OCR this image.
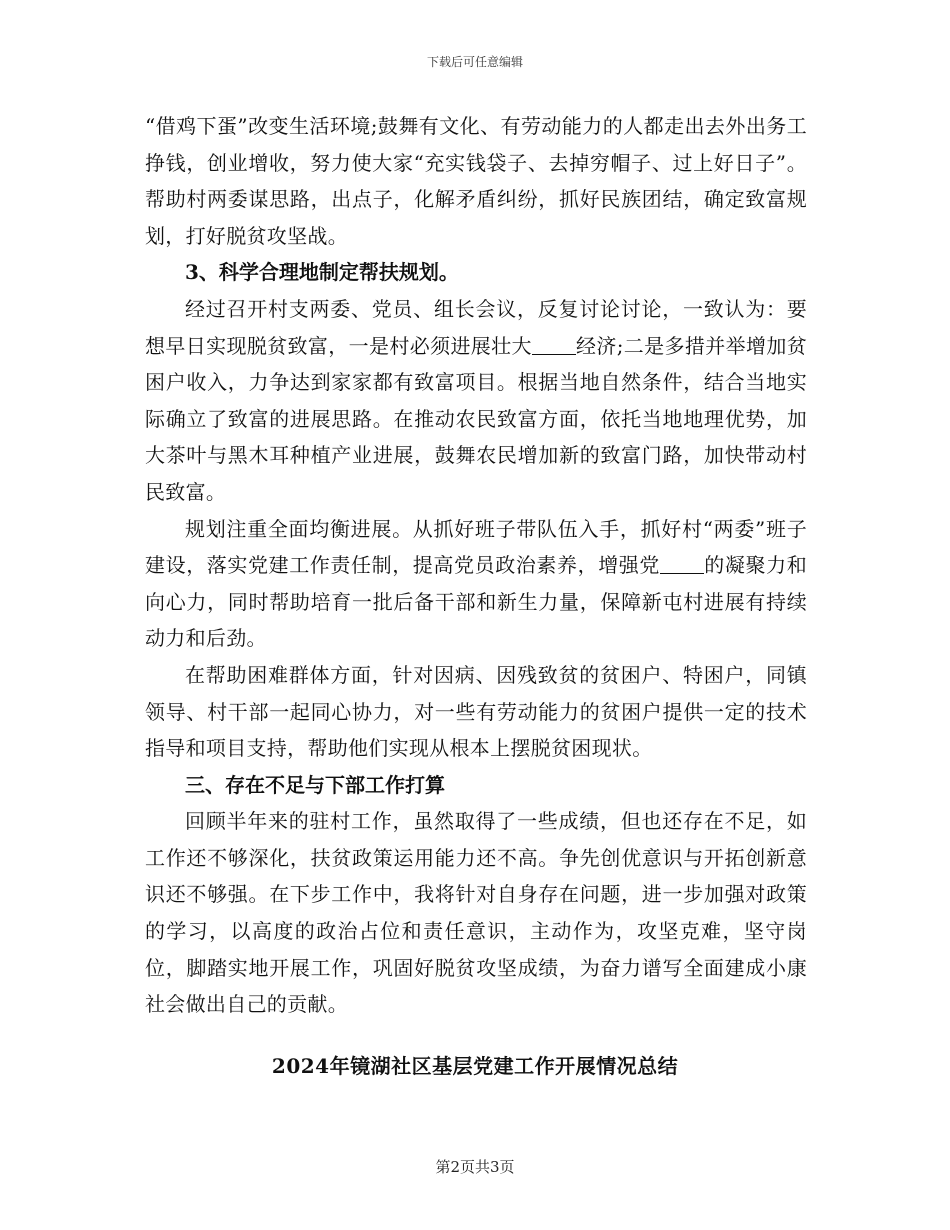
下载后可任意编辑

“借鸡下蛋”改变生活环境;鼓舞有文化、有劳动能力的人都走出去外出务工挣钱，创业增收，努力使大家“充实钱袋子、去掉穷帽子、过上好日子”。帮助村两委谋思路，出点子，化解矛盾纠纷，抓好民族团结，确定致富规划，打好脱贫攻坚战。

3、科学合理地制定帮扶规划。

经过召开村支两委、党员、组长会议，反复讨论讨论，一致认为：要想早日实现脱贫致富，一是村必须进展壮大 经济;二是多措并举增加贫困户收入，力争达到家家都有致富项目。根据当地自然条件，结合当地实际确立了致富的进展思路。在推动农民致富方面，依托当地地理优势，加大茶叶与黑木耳种植产业进展，鼓舞农民增加新的致富门路，加快带动村民致富。

规划注重全面均衡进展。从抓好班子带队伍入手，抓好村“两委”班子建设，落实党建工作责任制，提高党员政治素养，增强党 的凝聚力和向心力，同时帮助培育一批后备干部和新生力量，保障新屯村进展有持续动力和后劲。

在帮助困难群体方面，针对因病、因残致贫的贫困户、特困户，同镇领导、村干部一起同心协力，对一些有劳动能力的贫困户提供一定的技术指导和项目支持，帮助他们实现从根本上摆脱贫困现状。

三、存在不足与下部工作打算

回顾半年来的驻村工作，虽然取得了一些成绩，但也还存在不足，如工作还不够深化，扶贫政策运用能力还不高。争先创优意识与开拓创新意识还不够强。在下步工作中，我将针对自身存在问题，进一步加强对政策的学习，以高度的政治占位和责任意识，主动作为，攻坚克难，坚守岗位，脚踏实地开展工作，巩固好脱贫攻坚成绩，为奋力谱写全面建成小康社会做出自己的贡献。

2024年镜湖社区基层党建工作开展情况总结
第2页共3页
